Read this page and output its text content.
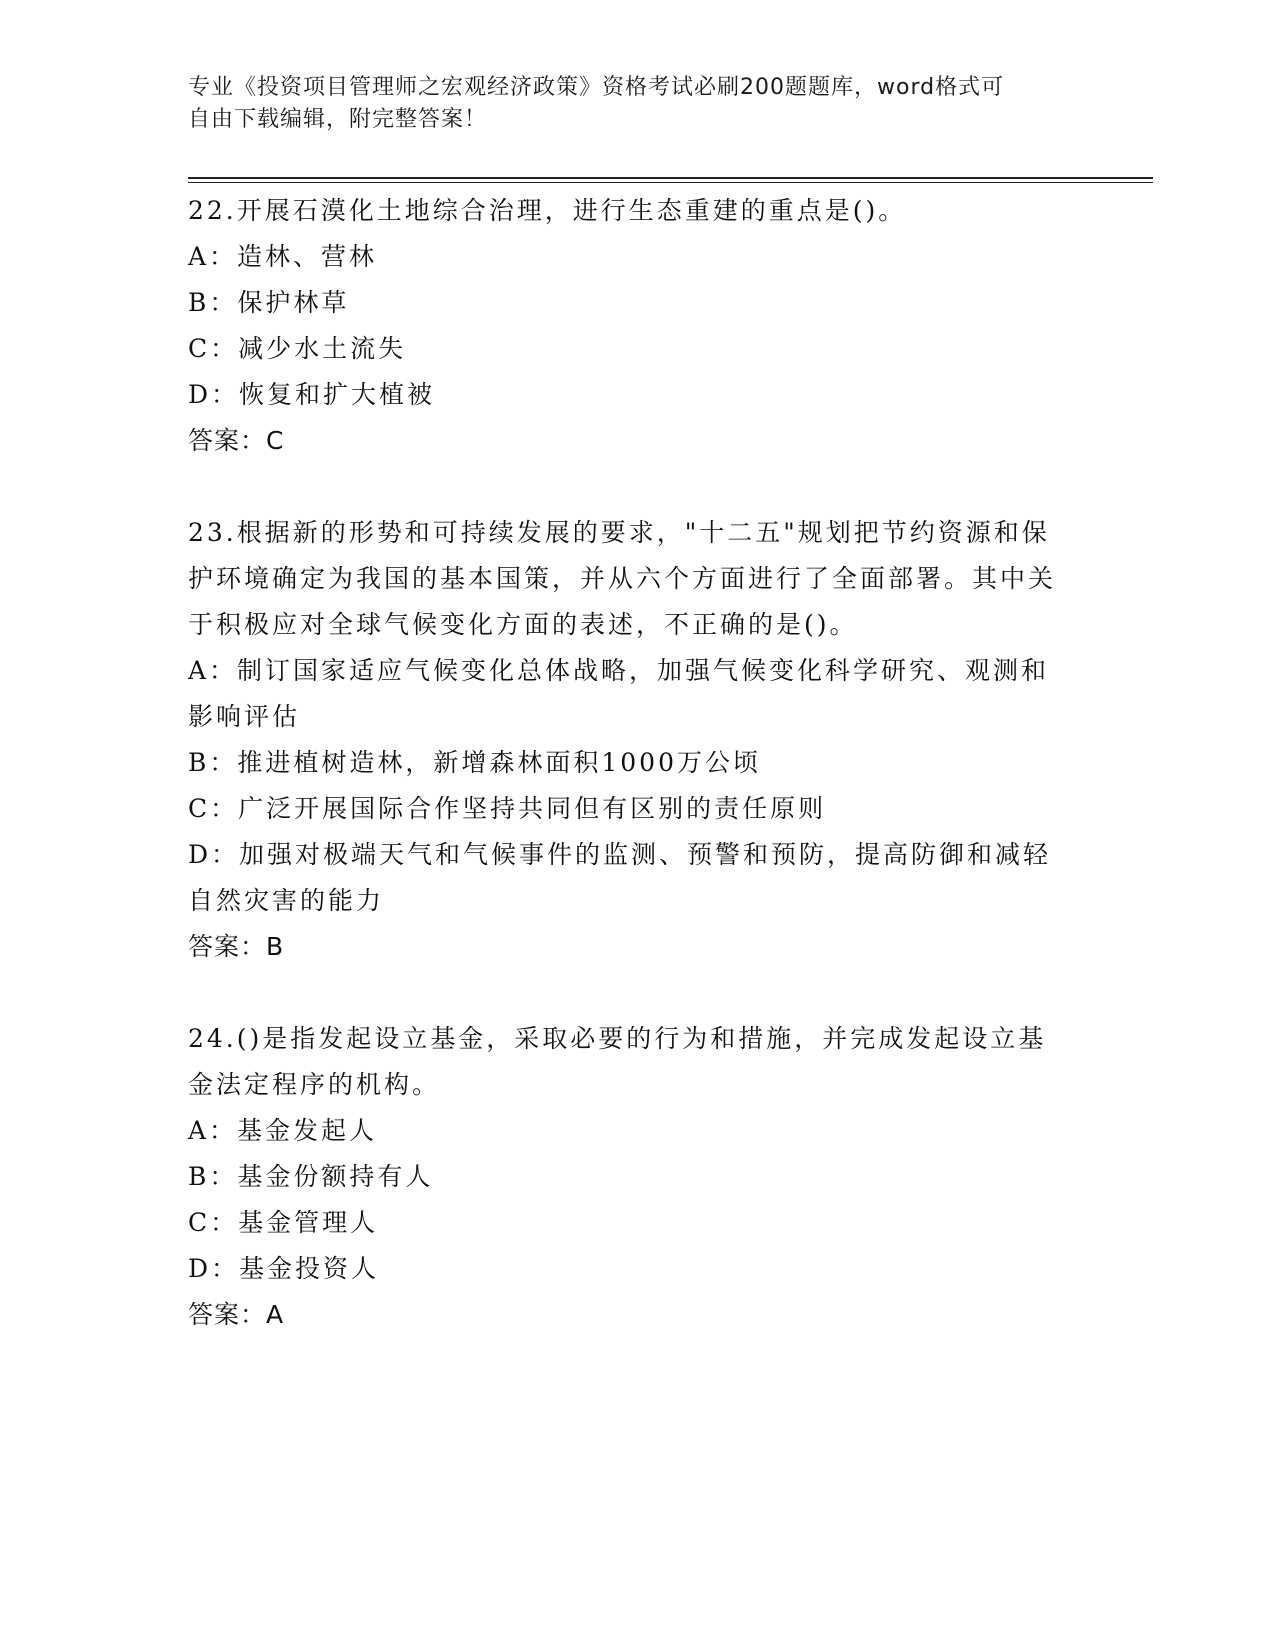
专业《投资项目管理师之宏观经济政策》资格考试必刷200题题库，word格式可
自由下载编辑，附完整答案！

22.开展石漠化土地综合治理，进行生态重建的重点是()。

A：造林、营林

B：保护林草

C：减少水土流失

D：恢复和扩大植被

答案：C

23.根据新的形势和可持续发展的要求，"十二五"规划把节约资源和保护环境确定为我国的基本国策，并从六个方面进行了全面部署。其中关于积极应对全球气候变化方面的表述，不正确的是()。

A：制订国家适应气候变化总体战略，加强气候变化科学研究、观测和影响评估

B：推进植树造林，新增森林面积1000万公顷

C：广泛开展国际合作坚持共同但有区别的责任原则

D：加强对极端天气和气候事件的监测、预警和预防，提高防御和减轻自然灾害的能力

答案：B

24.()是指发起设立基金，采取必要的行为和措施，并完成发起设立基金法定程序的机构。

A：基金发起人

B：基金份额持有人

C：基金管理人

D：基金投资人

答案：A
